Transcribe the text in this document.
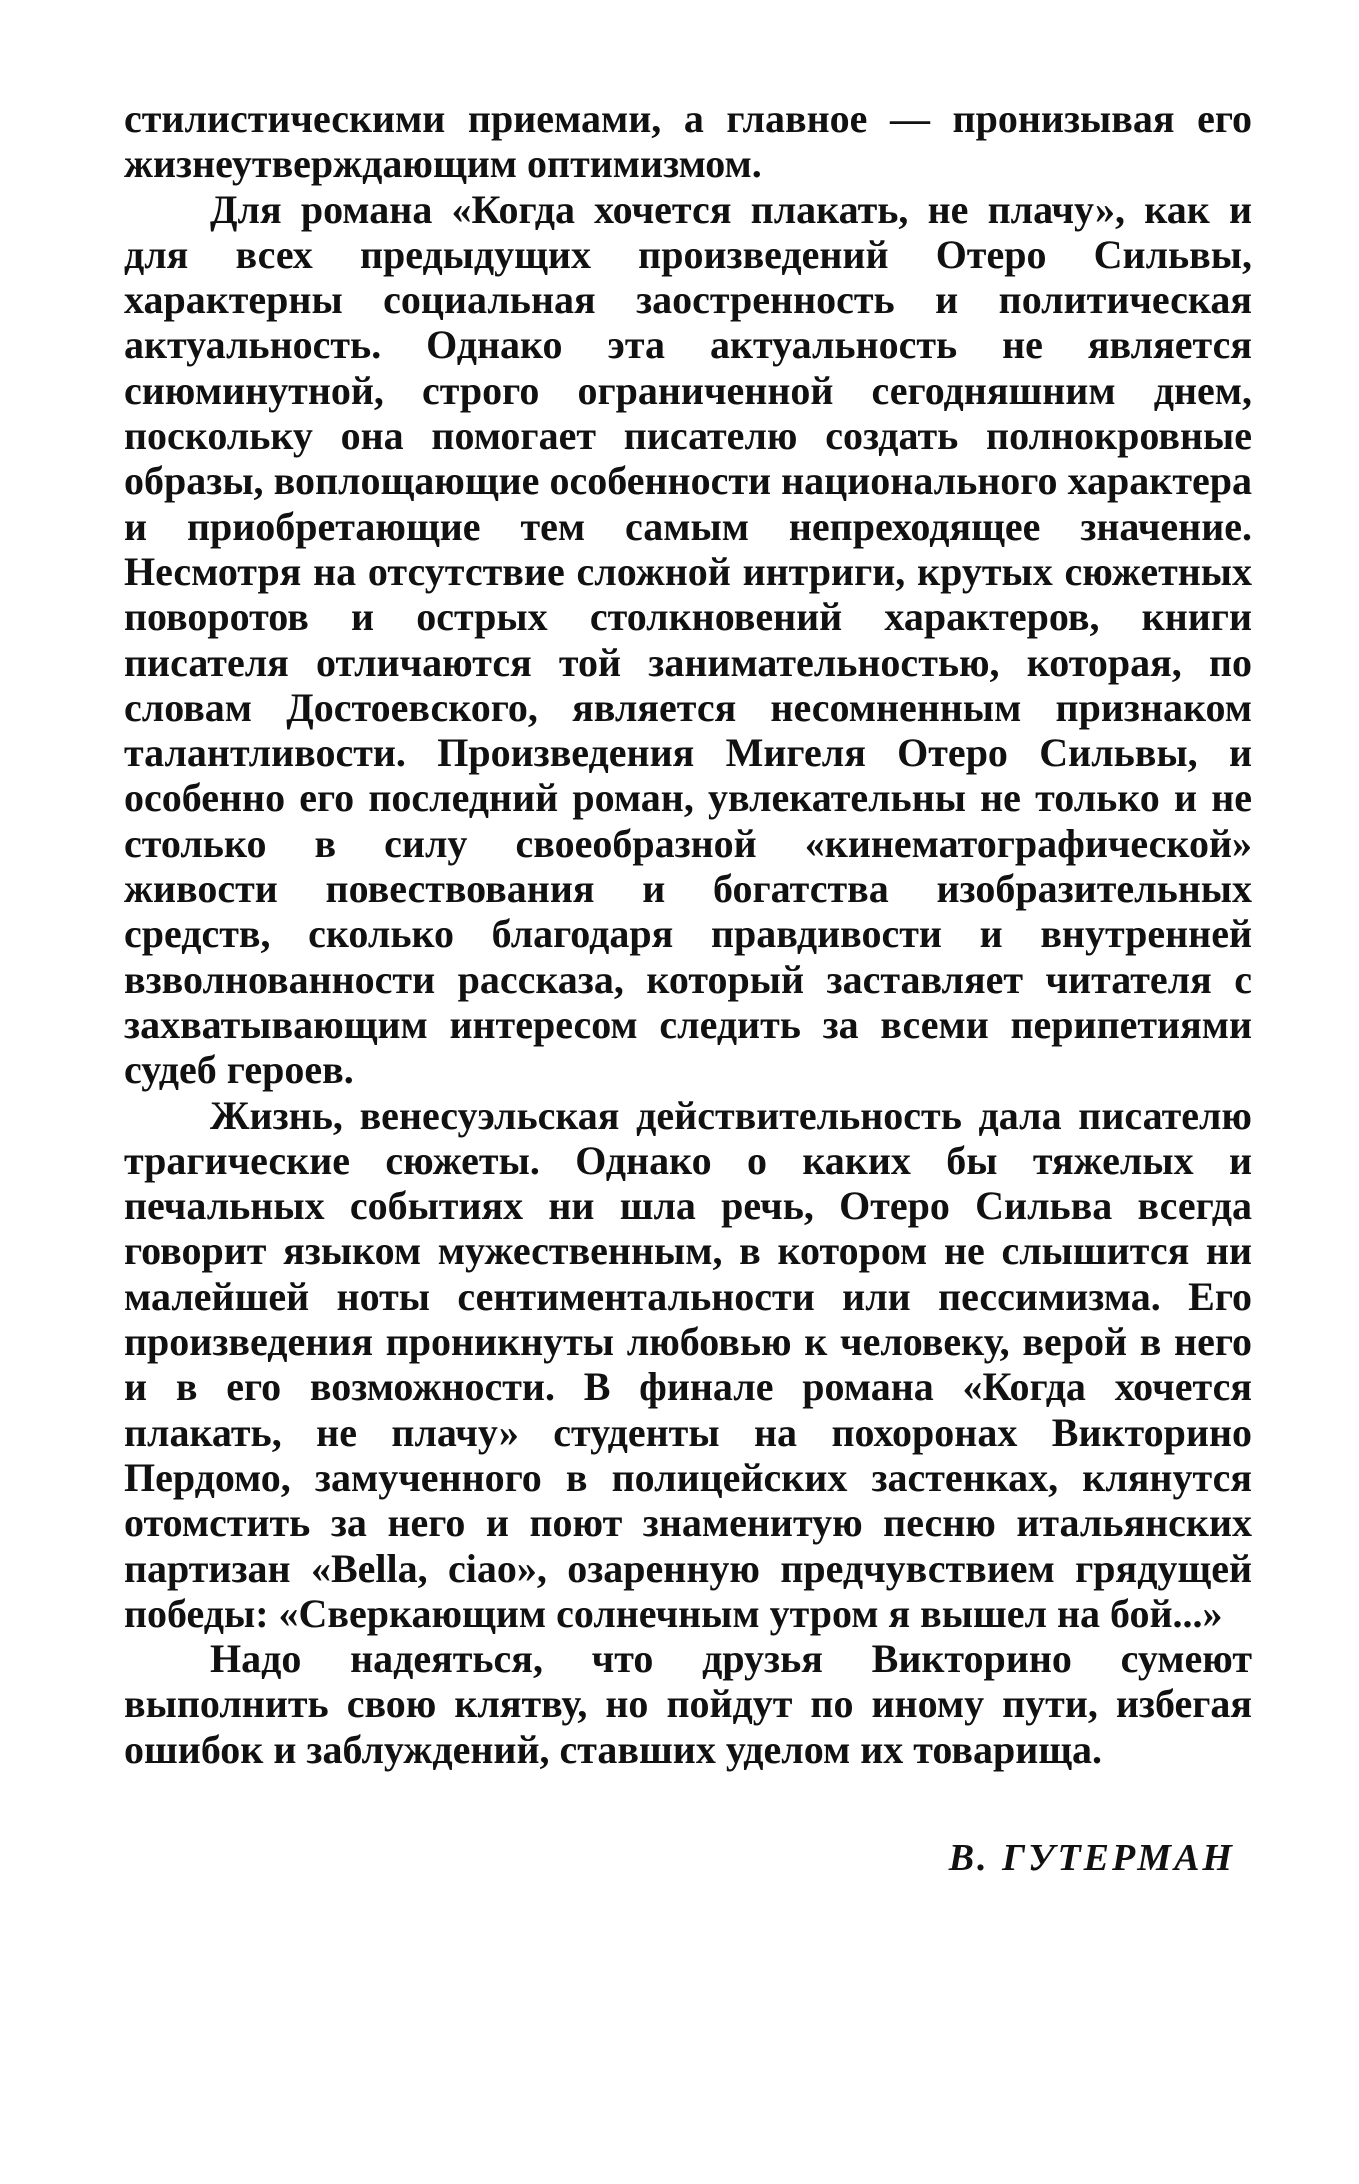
стилистическими приемами, а главное — пронизывая его жизнеутверждающим оптимизмом.

Для романа «Когда хочется плакать, не плачу», как и для всех предыдущих произведений Отеро Сильвы, характерны социальная заостренность и политическая актуальность. Однако эта актуальность не является сиюминутной, строго ограниченной сегодняшним днем, поскольку она помогает писателю создать полнокровные образы, воплощающие особенности национального характера и приобретающие тем самым непреходящее значение. Несмотря на отсутствие сложной интриги, крутых сюжетных поворотов и острых столкновений характеров, книги писателя отличаются той занимательностью, которая, по словам Достоевского, является несомненным признаком талантливости. Произведения Мигеля Отеро Сильвы, и особенно его последний роман, увлекательны не только и не столько в силу своеобразной «кинематографической» живости повествования и богатства изобразительных средств, сколько благодаря правдивости и внутренней взволнованности рассказа, который заставляет читателя с захватывающим интересом следить за всеми перипетиями судеб героев.

Жизнь, венесуэльская действительность дала писателю трагические сюжеты. Однако о каких бы тяжелых и печальных событиях ни шла речь, Отеро Сильва всегда говорит языком мужественным, в котором не слышится ни малейшей ноты сентиментальности или пессимизма. Его произведения проникнуты любовью к человеку, верой в него и в его возможности. В финале романа «Когда хочется плакать, не плачу» студенты на похоронах Викторино Пердомо, замученного в полицейских застенках, клянутся отомстить за него и поют знаменитую песню итальянских партизан «Bella, ciao», озаренную предчувствием грядущей победы: «Сверкающим солнечным утром я вышел на бой...»

Надо надеяться, что друзья Викторино сумеют выполнить свою клятву, но пойдут по иному пути, избегая ошибок и заблуждений, ставших уделом их товарища.

В. ГУТЕРМАН
